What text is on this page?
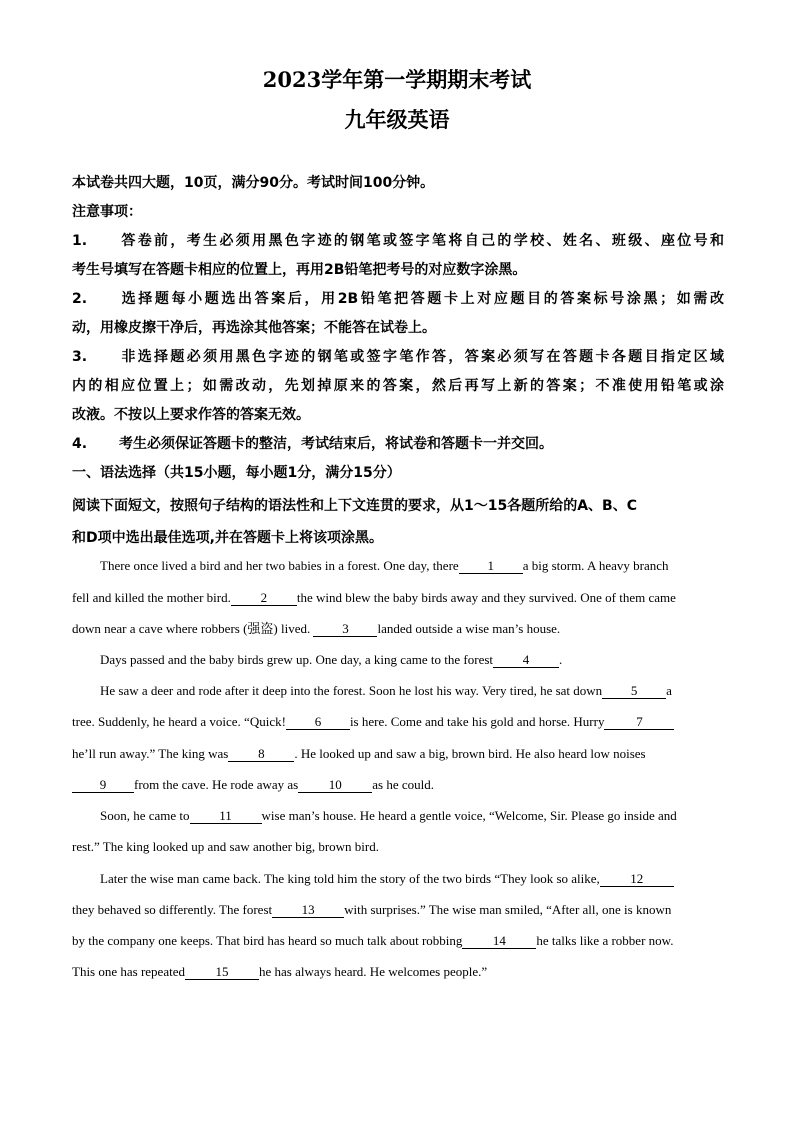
2023学年第一学期期末考试
九年级英语
本试卷共四大题，10页，满分90分。考试时间100分钟。
注意事项：
1. 答卷前，考生必须用黑色字迹的钢笔或签字笔将自己的学校、姓名、班级、座位号和
考生号填写在答题卡相应的位置上，再用2B铅笔把考号的对应数字涂黑。
2. 选择题每小题选出答案后，用2B铅笔把答题卡上对应题目的答案标号涂黑；如需改
动，用橡皮擦干净后，再选涂其他答案；不能答在试卷上。
3. 非选择题必须用黑色字迹的钢笔或签字笔作答，答案必须写在答题卡各题目指定区域
内的相应位置上；如需改动，先划掉原来的答案，然后再写上新的答案；不准使用铅笔或涂
改液。不按以上要求作答的答案无效。
4. 考生必须保证答题卡的整洁，考试结束后，将试卷和答题卡一并交回。
一、语法选择（共15小题，每小题1分，满分15分）
阅读下面短文，按照句子结构的语法性和上下文连贯的要求，从1～15各题所给的A、B、C
和D项中选出最佳选项,并在答题卡上将该项涂黑。
There once lived a bird and her two babies in a forest. One day, there 1 a big storm. A heavy branch
fell and killed the mother bird. 2 the wind blew the baby birds away and they survived. One of them came
down near a cave where robbers (强盗) lived. 3 landed outside a wise man’s house.
Days passed and the baby birds grew up. One day, a king came to the forest 4 .
He saw a deer and rode after it deep into the forest. Soon he lost his way. Very tired, he sat down 5 a
tree. Suddenly, he heard a voice. “Quick! 6 is here. Come and take his gold and horse. Hurry 7
he’ll run away.” The king was 8 . He looked up and saw a big, brown bird. He also heard low noises
9 from the cave. He rode away as 10 as he could.
Soon, he came to 11 wise man’s house. He heard a gentle voice, “Welcome, Sir. Please go inside and
rest.” The king looked up and saw another big, brown bird.
Later the wise man came back. The king told him the story of the two birds “They look so alike, 12
they behaved so differently. The forest 13 with surprises.” The wise man smiled, “After all, one is known
by the company one keeps. That bird has heard so much talk about robbing 14 he talks like a robber now.
This one has repeated 15 he has always heard. He welcomes people.”
